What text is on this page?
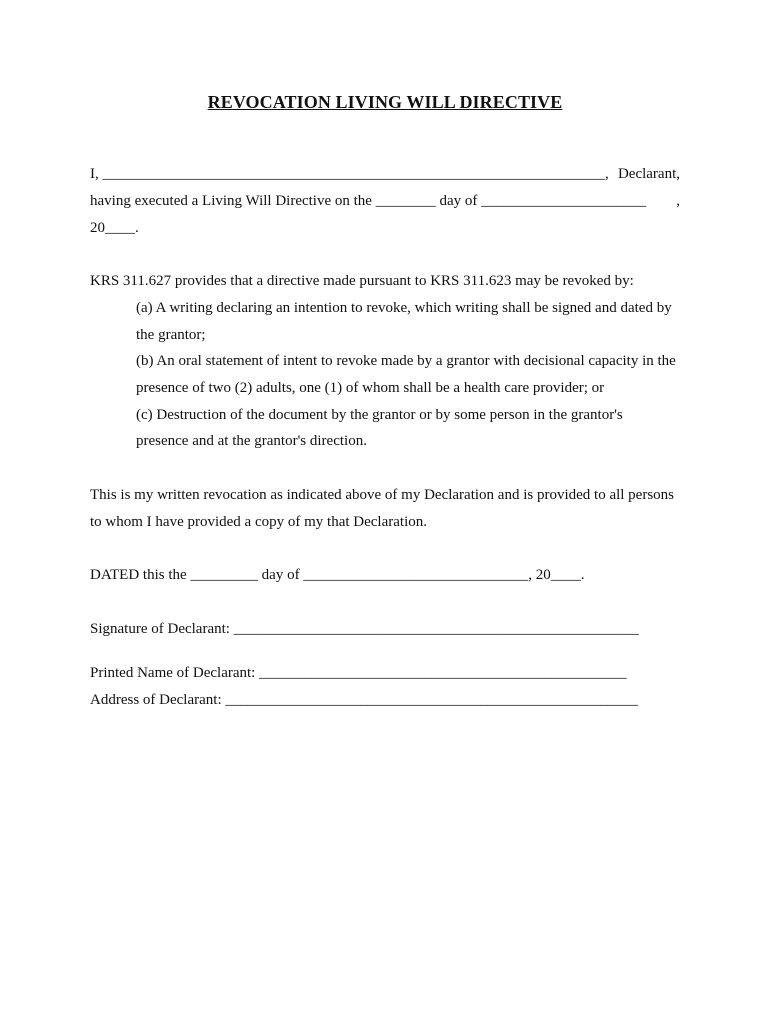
REVOCATION LIVING WILL DIRECTIVE
I, ___________________________________________________________________, Declarant,
having executed a Living Will Directive on the ________ day of ______________________ ,
20____.
KRS 311.627 provides that a directive made pursuant to KRS 311.623 may be revoked by:
(a) A writing declaring an intention to revoke, which writing shall be signed and dated by
the grantor;
(b) An oral statement of intent to revoke made by a grantor with decisional capacity in the
presence of two (2) adults, one (1) of whom shall be a health care provider; or
(c) Destruction of the document by the grantor or by some person in the grantor's
presence and at the grantor's direction.
This is my written revocation as indicated above of my Declaration and is provided to all persons
to whom I have provided a copy of my that Declaration.
DATED this the _________ day of ______________________________, 20____.
Signature of Declarant: ______________________________________________________
Printed Name of Declarant: _________________________________________________
Address of Declarant: _______________________________________________________
